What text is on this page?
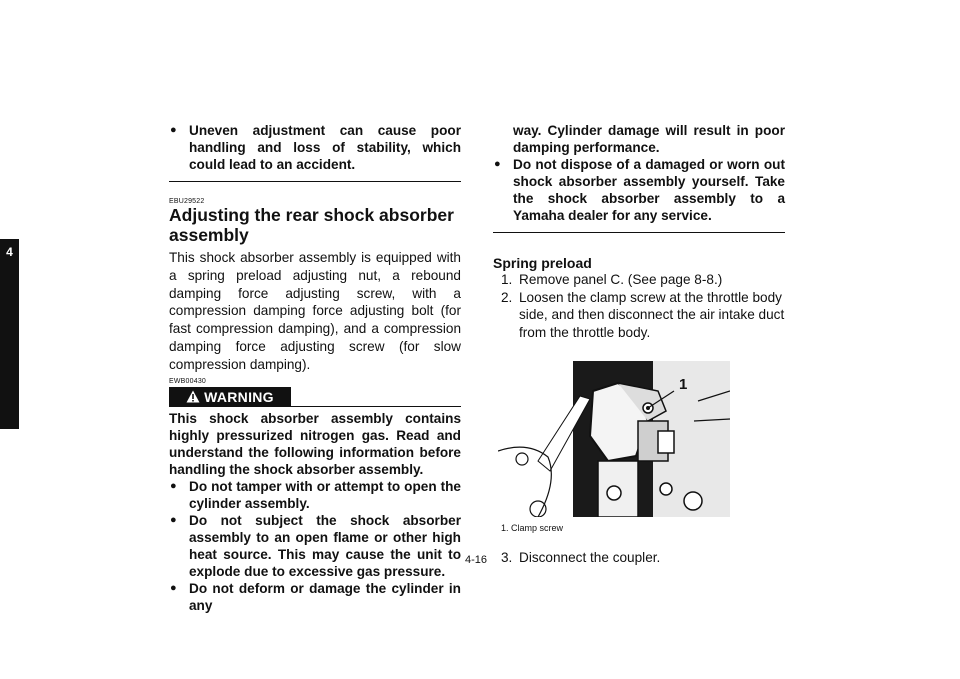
4
● Uneven adjustment can cause poor handling and loss of stability, which could lead to an accident.
EBU29522
Adjusting the rear shock absorber assembly
This shock absorber assembly is equipped with a spring preload adjusting nut, a rebound damping force adjusting screw, with a compression damping force adjusting bolt (for fast compression damping), and a compression damping force adjusting screw (for slow compression damping).
EWB00430
WARNING
This shock absorber assembly contains highly pressurized nitrogen gas. Read and understand the following information before handling the shock absorber assembly.
● Do not tamper with or attempt to open the cylinder assembly.
● Do not subject the shock absorber assembly to an open flame or other high heat source. This may cause the unit to explode due to excessive gas pressure.
● Do not deform or damage the cylinder in any
way. Cylinder damage will result in poor damping performance.
● Do not dispose of a damaged or worn out shock absorber assembly yourself. Take the shock absorber assembly to a Yamaha dealer for any service.
Spring preload
1. Remove panel C. (See page 8-8.)
2. Loosen the clamp screw at the throttle body side, and then disconnect the air intake duct from the throttle body.
1
1. Clamp screw
3. Disconnect the coupler.
4-16
